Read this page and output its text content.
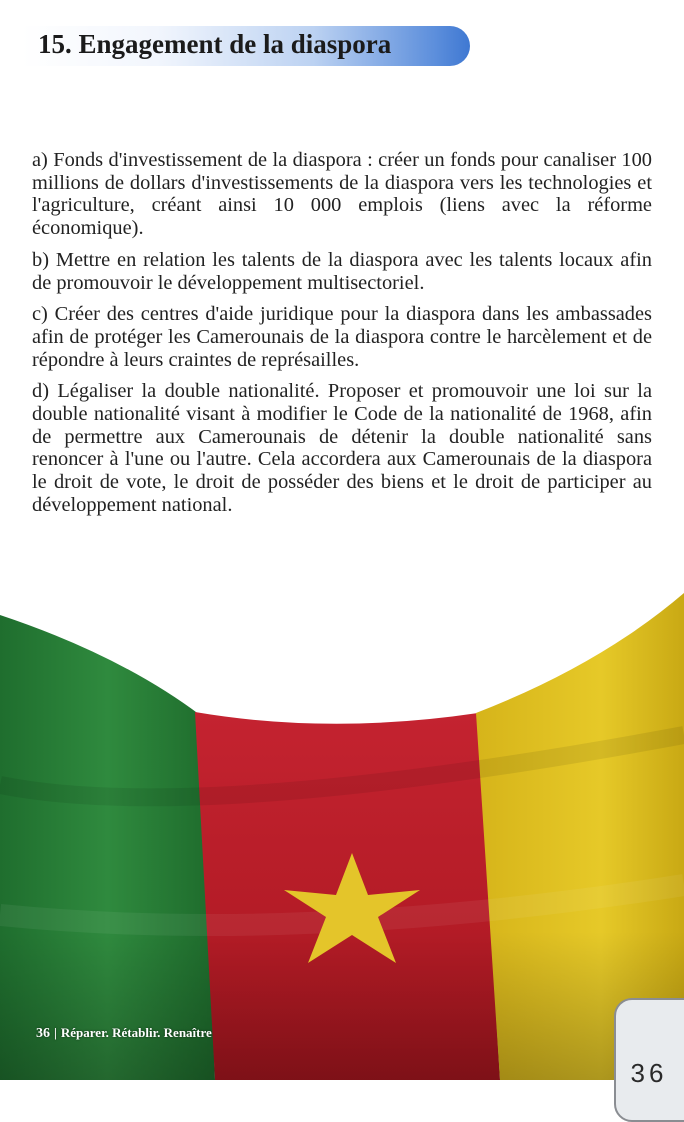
15. Engagement de la diaspora

a) Fonds d'investissement de la diaspora : créer un fonds pour canaliser 100 millions de dollars d'investissements de la diaspora vers les technologies et l'agriculture, créant ainsi 10 000 emplois (liens avec la réforme économique).

b) Mettre en relation les talents de la diaspora avec les talents locaux afin de promouvoir le développement multisectoriel.

c) Créer des centres d'aide juridique pour la diaspora dans les ambassades afin de protéger les Camerounais de la diaspora contre le harcèlement et de répondre à leurs craintes de représailles.

d) Légaliser la double nationalité. Proposer et promouvoir une loi sur la double nationalité visant à modifier le Code de la nationalité de 1968, afin de permettre aux Camerounais de détenir la double nationalité sans renoncer à l'une ou l'autre. Cela accordera aux Camerounais de la diaspora le droit de vote, le droit de posséder des biens et le droit de participer au développement national.

36 | Réparer. Rétablir. Renaître
36
